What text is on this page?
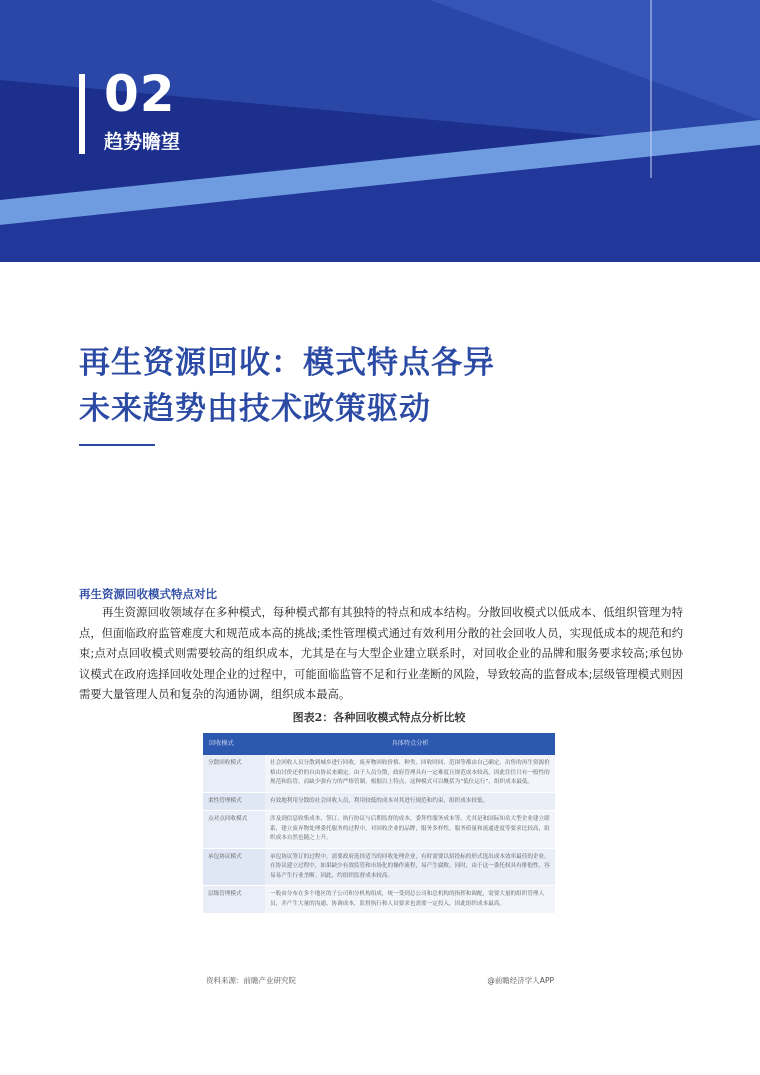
02
趋势瞻望
再生资源回收：模式特点各异
未来趋势由技术政策驱动
再生资源回收模式特点对比

再生资源回收领域存在多种模式，每种模式都有其独特的特点和成本结构。分散回收模式以低成本、低组织管理为特点，但面临政府监管难度大和规范成本高的挑战;柔性管理模式通过有效利用分散的社会回收人员，实现低成本的规范和约束;点对点回收模式则需要较高的组织成本，尤其是在与大型企业建立联系时，对回收企业的品牌和服务要求较高;承包协议模式在政府选择回收处理企业的过程中，可能面临监管不足和行业垄断的风险，导致较高的监督成本;层级管理模式则因需要大量管理人员和复杂的沟通协调，组织成本最高。

图表2：各种回收模式特点分析比较
回收模式	具体特点分析
分散回收模式	社会回收人员分散到城乡进行回收，废弃物回收价格、种类、回收时间、范围等都由自己确定，出售的再生资源价格由讨价还价的自由协议来确定。由于人员分散，政府管理具有一定难度且规范成本较高，因此往往只有一般性的规范和监管，而缺少强有力的严格管制。根据以上特点，这种模式可以概括为“低位运行”，组织成本最低。
柔性管理模式	有效地利用分散的社会回收人员，利用较低的成本对其进行规范和约束，组织成本较低。
点对点回收模式	涉及到信息收集成本、签订、执行协议与后期监督的成本，委拜性服务成本等。尤其是和国际知名大型企业建立联系，建立废弃物处理委托服务的过程中，对回收企业的品牌，服务多样性，服务质量和流通进度等要求比较高，组织成本自然也随之上升。
承包协议模式	承包协议签订的过程中，需要政府选择适当的回收处理企业，有时需要以招投标的形式选出成本效率最佳的企业。在协议建立过程中，如果缺少有效监管和市场化的操作流程，易产生腐败。同时，由于这一委托权具有排他性，容易易产生行业垄断。因此，约组织监督成本较高。
层级管理模式	一般由分布在多个地区的子公司和分机构组成，统一受到总公司和总机构的指挥和调配，需要大量的组织管理人员，并产生大量的沟通、协调成本，监督执行和人员要求也需要一定投入，因此组织成本最高。
资料来源：前瞻产业研究院	@前瞻经济学人APP
